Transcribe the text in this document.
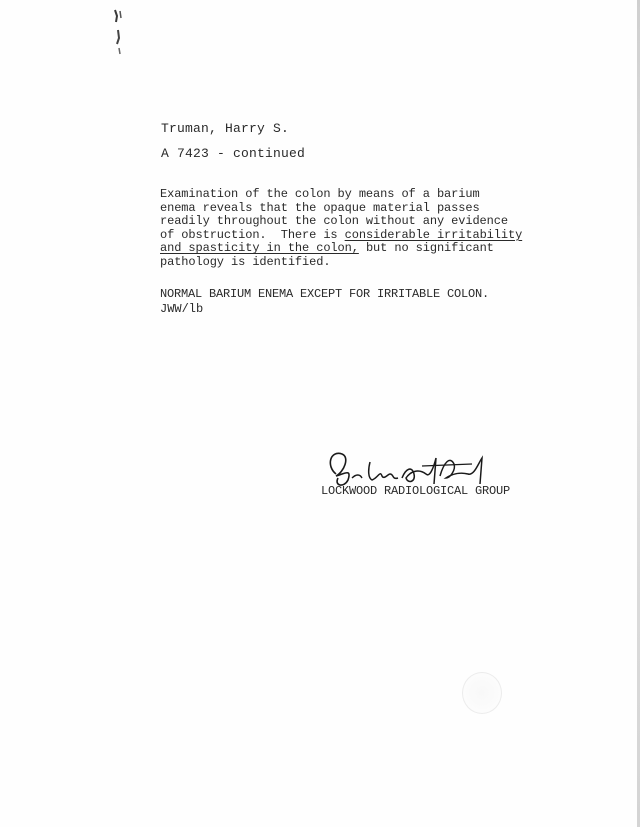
Truman, Harry S.
A 7423 - continued
Examination of the colon by means of a barium
enema reveals that the opaque material passes
readily throughout the colon without any evidence
of obstruction.  There is considerable irritability
and spasticity in the colon, but no significant
pathology is identified.
NORMAL BARIUM ENEMA EXCEPT FOR IRRITABLE COLON.
JWW/lb
LOCKWOOD RADIOLOGICAL GROUP
